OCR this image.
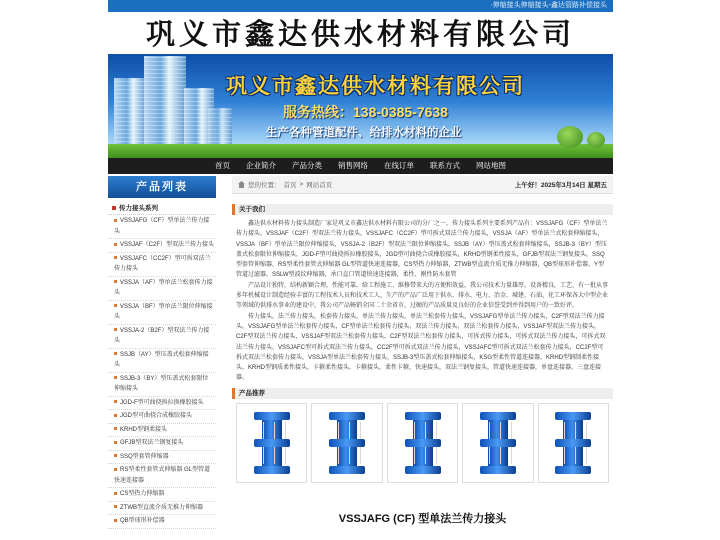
·伸缩接头伸缩接头-鑫达管路补偿接头
巩义市鑫达供水材料有限公司
巩义市鑫达供水材料有限公司
服务热线：138-0385-7638
生产各种管道配件、给排水材料的企业
首页	企业简介	产品分类	销售网络	在线订单	联系方式	网站地图
产品列表
传力接头系列
VSSJAFG（CF）型单法兰传力接头
VSSJAF（C2F）型双法兰传力接头
VSSJAFC（CC2F）型可拆双法兰传力接头
VSSJA（AF）型单法兰松套传力接头
VSSJA（BF）型单法兰限位伸缩接头
VSSJA-2（B2F）型双法兰传力接头
SSJB（AY）型压盖式松套伸缩接头
SSJB-3（BY）型压盖式松套限位伸缩接头
JGD-F型可曲挠拆拉换橡胶接头
JGD型可曲挠合成橡胶接头
KRHD型钢柔接头
GFJB型双法兰钢复接头
SSQ型套管伸缩器
RS型柔性套管式伸缩器 GL型管道快速连接器
CS型热力伸缩器
ZTWB型直流介质无推力伸缩器
QB型球形补偿器
您的位置： 首页 > 网站首页	上午好！2025年3月14日 星期五
关于我们

鑫达供水材料传力接头制造厂家是巩义市鑫达供水材料有限公司的分厂之一，传力接头系列主要系列产品有：VSSJAFG（CF）型单法兰传力接头，VSSJAF（C2F）型双法兰传力接头，VSSJAFC（CC2F）型可拆式双法兰传力接头，VSSJA（AF）型单法兰式松套伸缩接头，VSSJA（BF）型单法兰限位伸缩接头，VSSJA-2（B2F）型双法兰限位伸缩接头，SSJB（AY）型压盖式松套伸缩接头，SSJB-3（BY）型压盖式松套限位伸缩接头，JGD-F型可曲挠拆拉橡胶接头，JGD型可曲挠合成橡胶接头，KRHD型钢柔性接头，GFJB型双法兰钢复接头，SSQ型套管伸缩器，RS型柔性套管式伸缩器 GL型管道快速连接器，CS型热力伸缩器，ZTWB型直流介质无推力伸缩器，QB型球形补偿器，Y型管道过滤器，SSLW型波纹伸缩器，承口直口管道快速连接器，柔性、刚性防水套管

产品设计独特，结构新颖合理，性能可靠，给工程施工、维修带来大的方便和效益，我公司技术力量雄厚，设备精良，工艺、有一批从事多年机械设计制造经验丰富的工程技术人员和技术工人，生产的产品广泛用于供水、排水、电力、冶金、城建、石油、化工环保各大中型企业等领域的供排水事业的建设中，我公司产品畅销全国二十余省市，过硬的产品质量及良好的企业信誉受到并得到用户的一致好评。

传力接头，法兰传力接头，松套传力接头，单法兰传力接头，单法兰松套传力接头，VSSJAFG型单法兰传力接头，C2F型双法兰传力接头，VSSJAFG型单法兰松套传力接头，CF型单法兰松套传力接头，双法兰传力接头，双法兰松套传力接头，VSSJAF型双法兰传力接头，C2F型双法兰传力接头，VSSJAF型双法兰松套传力接头，C2F型双法兰松套传力接头，可拆式传力接头，可拆式双法兰传力接头，可拆式双法兰传力接头，VSSJAFC型可拆式双法兰传力接头，CC2F型可拆式双法兰传力接头，VSSJAFC型可拆式双法兰松套传力接头，CC2F型可拆式双法兰松套传力接头，VSSJA型单法兰松套传力接头，SSJB-3型压盖式松套伸缩接头，KSG型柔性管道连接器，KRHD型钢制柔性接头，KRHD型钢质柔性接头，卡箍柔性接头，卡箍接头，柔性卡箍，快速接头，双法兰钢复接头，管道快速连接器，单盘连接器，三盘连接器。

产品推荐
VSSJAFG (CF) 型单法兰传力接头
